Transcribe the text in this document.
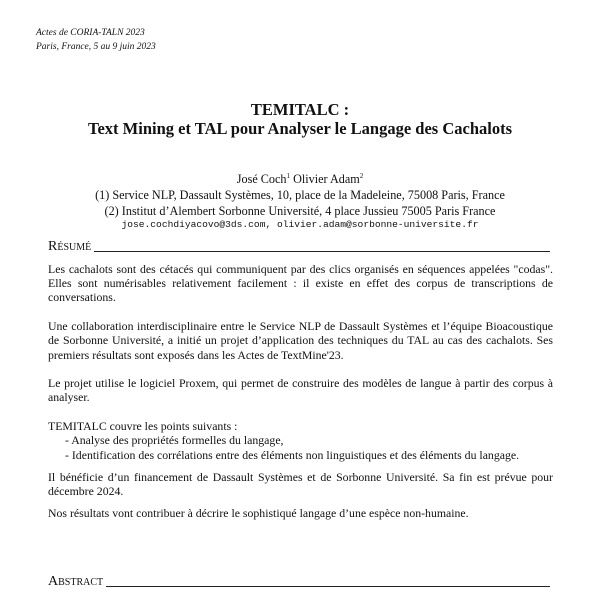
Actes de CORIA-TALN 2023
Paris, France, 5 au 9 juin 2023
TEMITALC :
Text Mining et TAL pour Analyser le Langage des Cachalots
José Coch$^1$ Olivier Adam$^2$
(1) Service NLP, Dassault Systèmes, 10, place de la Madeleine, 75008 Paris, France
(2) Institut d’Alembert Sorbonne Université, 4 place Jussieu 75005 Paris France
jose.cochdiyacovo@3ds.com, olivier.adam@sorbonne-universite.fr
Résumé

Les cachalots sont des cétacés qui communiquent par des clics organisés en séquences appelées "codas". Elles sont numérisables relativement facilement : il existe en effet des corpus de transcriptions de conversations.

Une collaboration interdisciplinaire entre le Service NLP de Dassault Systèmes et l’équipe Bioacoustique de Sorbonne Université, a initié un projet d’application des techniques du TAL au cas des cachalots. Ses premiers résultats sont exposés dans les Actes de TextMine'23.

Le projet utilise le logiciel Proxem, qui permet de construire des modèles de langue à partir des corpus à analyser.

TEMITALC couvre les points suivants :

- Analyse des propriétés formelles du langage,

- Identification des corrélations entre des éléments non linguistiques et des éléments du langage.

Il bénéficie d’un financement de Dassault Systèmes et de Sorbonne Université. Sa fin est prévue pour décembre 2024.

Nos résultats vont contribuer à décrire le sophistiqué langage d’une espèce non-humaine.

Abstract
